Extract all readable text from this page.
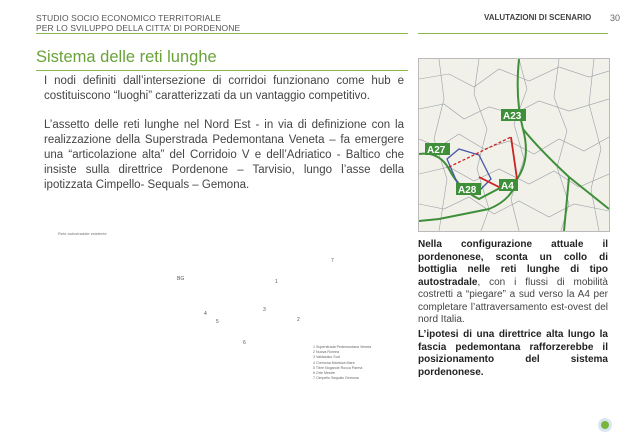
STUDIO SOCIO ECONOMICO TERRITORIALE
PER LO SVILUPPO DELLA CITTA’ DI PORDENONE
VALUTAZIONI DI SCENARIO 30
Sistema delle reti lunghe

I nodi definiti dall’intersezione di corridoi funzionano come hub e costituiscono “luoghi” caratterizzati da un vantaggio competitivo.

L’assetto delle reti lunghe nel Nord Est - in via di definizione con la realizzazione della Superstrada Pedemontana Veneta – fa emergere una “articolazione alta” del Corridoio V e dell’Adriatico - Baltico che insiste sulla direttrice Pordenone – Tarvisio, lungo l’asse della ipotizzata Cimpello- Sequals – Gemona.

A23
A27
A28 A4

Nella configurazione attuale il pordenonese, sconta un collo di bottiglia nelle reti lunghe di tipo autostradale, con i flussi di mobilità costretti a “piegare” a sud verso la A4 per completare l’attraversamento est-ovest del nord Italia.

L’ipotesi di una direttrice alta lungo la fascia pedemontana rafforzerebbe il posizionamento del sistema pordenonese.

Rete autostradale esistente
7
BG	1
3
4
2
5
6
1 Superstrada Pedemontana Veneta
2 Nuova Romea
3 Valdastico Sud
4 Cremona Mantova Mare
5 Tibre Nogarole Rocca Parma
6 Orte Mestre
7 Cimpello Sequals Gemona
